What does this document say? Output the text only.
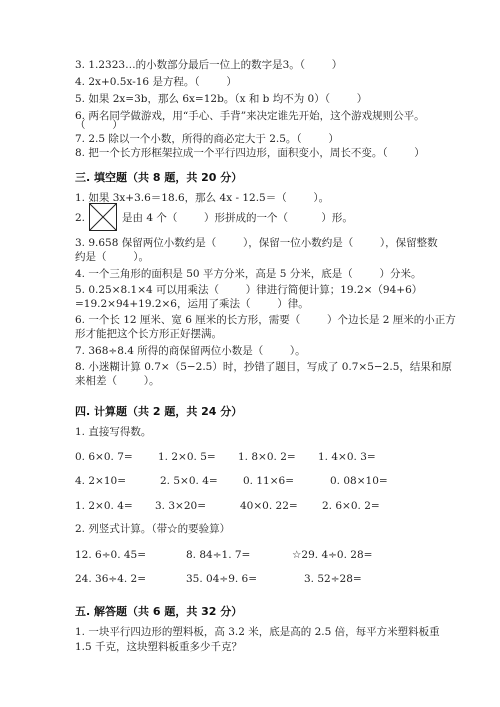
3. 1.2323…的小数部分最后一位上的数字是3。（        ）
4. 2x+0.5x-16 是方程。（        ）
5. 如果 2x=3b，那么 6x=12b。（x 和 b 均不为 0）（        ）
6. 两名同学做游戏，用“手心、手背”来决定谁先开始，这个游戏规则公平。
（        ）
7. 2.5 除以一个小数，所得的商必定大于 2.5。（        ）
8. 把一个长方形框架拉成一个平行四边形，面积变小，周长不变。（        ）
三. 填空题（共 8 题，共 20 分）
1. 如果 3x+3.6＝18.6，那么 4x - 12.5＝（        ）。
2.	是由 4 个（        ）形拼成的一个（          ）形。
3. 9.658 保留两位小数约是（        ），保留一位小数约是（        ），保留整数
约是（        ）。
4. 一个三角形的面积是 50 平方分米，高是 5 分米，底是（        ）分米。
5. 0.25×8.1×4 可以用乘法（        ）律进行简便计算；19.2×（94+6）
=19.2×94+19.2×6，运用了乘法（        ）律。
6. 一个长 12 厘米、宽 6 厘米的长方形，需要（        ）个边长是 2 厘米的小正方
形才能把这个长方形正好摆满。
7. 368÷8.4 所得的商保留两位小数是（        ）。
8. 小迷糊计算 0.7×（5−2.5）时，抄错了题目，写成了 0.7×5−2.5，结果和原
来相差（        ）。
四. 计算题（共 2 题，共 24 分）
1. 直接写得数。
0. 6×0. 7= 1. 2×0. 5= 1. 8×0. 2= 1. 4×0. 3=
4. 2×10=	2. 5×0. 4= 0. 11×6=	0. 08×10=
1. 2×0. 4= 3. 3×20=	40×0. 22= 2. 6×0. 2=
2. 列竖式计算。（带☆的要验算）
12. 6÷0. 45=	8. 84÷1. 7=	☆29. 4÷0. 28=
24. 36÷4. 2=	35. 04÷9. 6=	3. 52÷28=
五. 解答题（共 6 题，共 32 分）
1. 一块平行四边形的塑料板，高 3.2 米，底是高的 2.5 倍，每平方米塑料板重
1.5 千克，这块塑料板重多少千克？
